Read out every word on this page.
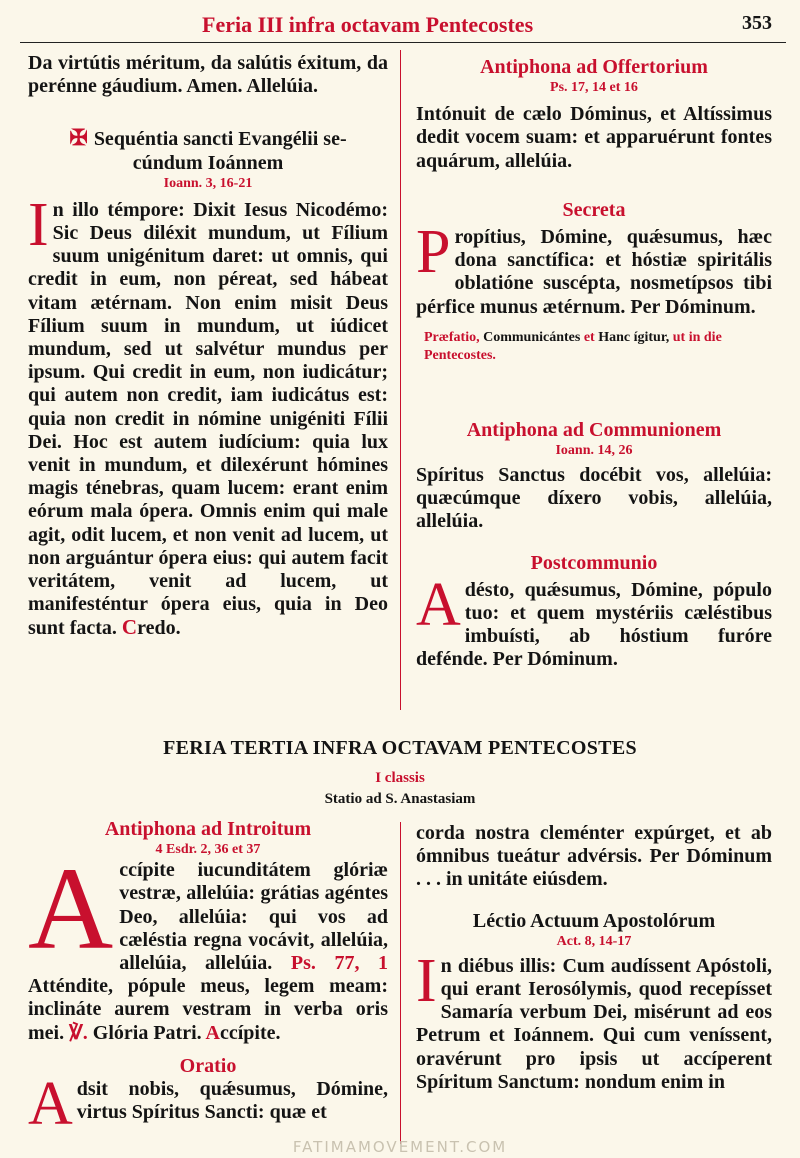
Feria III infra octavam Pentecostes	353

Da virtútis méritum, da salútis éxitum, da perénne gáudium. Amen. Allelúia.

✠ Sequéntia sancti Evangélii se-
cúndum Ioánnem
Ioann. 3, 16-21

In illo témpore: Dixit Iesus Nicodémo: Sic Deus diléxit mundum, ut Fílium suum unigénitum daret: ut omnis, qui credit in eum, non péreat, sed hábeat vitam ætérnam. Non enim misit Deus Fílium suum in mundum, ut iúdicet mundum, sed ut salvétur mundus per ipsum. Qui credit in eum, non iudicátur; qui autem non credit, iam iudicátus est: quia non credit in nómine unigéniti Fílii Dei. Hoc est autem iudícium: quia lux venit in mundum, et dilexérunt hómines magis ténebras, quam lucem: erant enim eórum mala ópera. Omnis enim qui male agit, odit lucem, et non venit ad lucem, ut non arguántur ópera eius: qui autem facit veritátem, venit ad lucem, ut manifesténtur ópera eius, quia in Deo sunt facta. Credo.

Antiphona ad Offertorium
Ps. 17, 14 et 16

Intónuit de cælo Dóminus, et Altíssimus dedit vocem suam: et apparuérunt fontes aquárum, allelúia.

Secreta

Propítius, Dómine, quǽsumus, hæc dona sanctífica: et hóstiæ spiritális oblatióne suscépta, nosmetípsos tibi pérfice munus ætérnum. Per Dóminum.

Præfatio, Communicántes et Hanc ígitur, ut in die Pentecostes.

Antiphona ad Communionem
Ioann. 14, 26

Spíritus Sanctus docébit vos, allelúia: quæcúmque díxero vobis, allelúia, allelúia.

Postcommunio

Adésto, quǽsumus, Dómine, pópulo tuo: et quem mystériis cæléstibus imbuísti, ab hóstium furóre defénde. Per Dóminum.

FERIA TERTIA INFRA OCTAVAM PENTECOSTES
I classis
Statio ad S. Anastasiam
Antiphona ad Introitum
4 Esdr. 2, 36 et 37

Accípite iucunditátem glóriæ vestræ, allelúia: grátias agéntes Deo, allelúia: qui vos ad cæléstia regna vocávit, allelúia, allelúia, allelúia. Ps. 77, 1 Atténdite, pópule meus, legem meam: inclináte aurem vestram in verba oris mei. ℣. Glória Patri. Accípite.

Oratio

Adsit nobis, quǽsumus, Dómine, virtus Spíritus Sancti: quæ et

corda nostra cleménter expúrget, et ab ómnibus tueátur advérsis. Per Dóminum . . . in unitáte eiúsdem.

Léctio Actuum Apostolórum
Act. 8, 14-17

In diébus illis: Cum audíssent Apóstoli, qui erant Ierosólymis, quod recepísset Samaría verbum Dei, misérunt ad eos Petrum et Ioánnem. Qui cum veníssent, oravérunt pro ipsis ut accíperent Spíritum Sanctum: nondum enim in

FATIMAMOVEMENT.COM
